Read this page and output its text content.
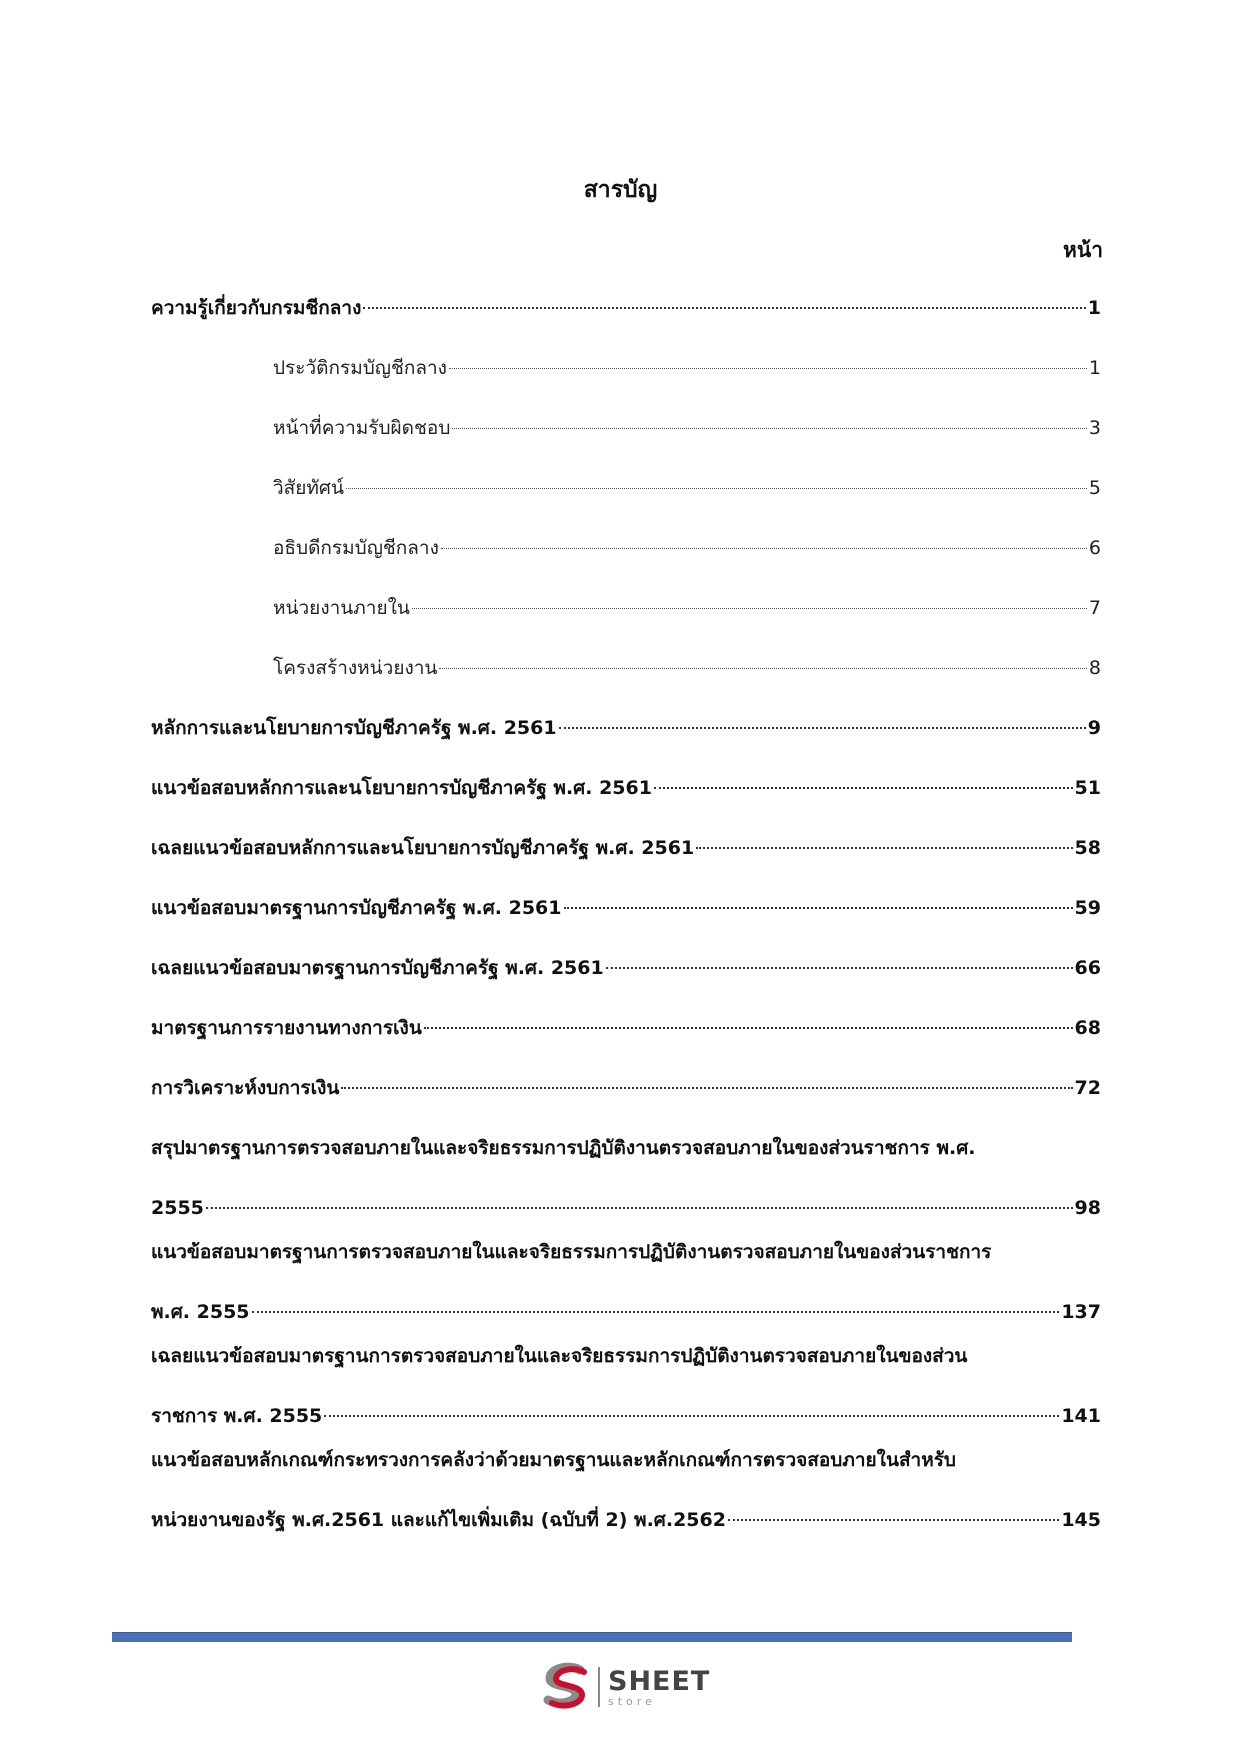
สารบัญ
หน้า
ความรู้เกี่ยวกับกรมชีกลาง	1
ประวัติกรมบัญชีกลาง	1
หน้าที่ความรับผิดชอบ	3
วิสัยทัศน์	5
อธิบดีกรมบัญชีกลาง	6
หน่วยงานภายใน	7
โครงสร้างหน่วยงาน	8
หลักการและนโยบายการบัญชีภาครัฐ พ.ศ. 2561	9
แนวข้อสอบหลักการและนโยบายการบัญชีภาครัฐ พ.ศ. 2561	51
เฉลยแนวข้อสอบหลักการและนโยบายการบัญชีภาครัฐ พ.ศ. 2561	58
แนวข้อสอบมาตรฐานการบัญชีภาครัฐ พ.ศ. 2561	59
เฉลยแนวข้อสอบมาตรฐานการบัญชีภาครัฐ พ.ศ. 2561	66
มาตรฐานการรายงานทางการเงิน	68
การวิเคราะห์งบการเงิน	72
สรุปมาตรฐานการตรวจสอบภายในและจริยธรรมการปฏิบัติงานตรวจสอบภายในของส่วนราชการ พ.ศ.
2555	98
แนวข้อสอบมาตรฐานการตรวจสอบภายในและจริยธรรมการปฏิบัติงานตรวจสอบภายในของส่วนราชการ
พ.ศ. 2555	137
เฉลยแนวข้อสอบมาตรฐานการตรวจสอบภายในและจริยธรรมการปฏิบัติงานตรวจสอบภายในของส่วน
ราชการ พ.ศ. 2555	141
แนวข้อสอบหลักเกณฑ์กระทรวงการคลังว่าด้วยมาตรฐานและหลักเกณฑ์การตรวจสอบภายในสำหรับ
หน่วยงานของรัฐ พ.ศ.2561 และแก้ไขเพิ่มเติม (ฉบับที่ 2) พ.ศ.2562	145
SHEET
store
